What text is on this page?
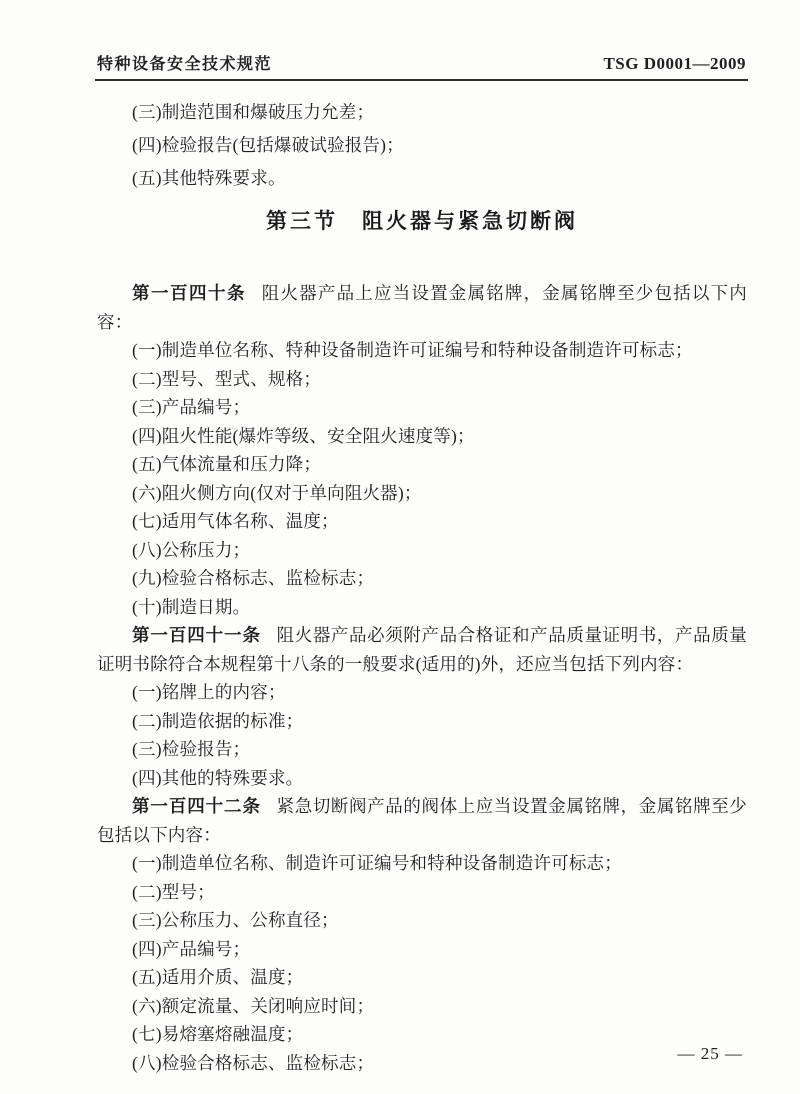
特种设备安全技术规范	TSG D0001—2009
(三)制造范围和爆破压力允差；
(四)检验报告(包括爆破试验报告)；
(五)其他特殊要求。
第三节　阻火器与紧急切断阀

第一百四十条 阻火器产品上应当设置金属铭牌，金属铭牌至少包括以下内容：

(一)制造单位名称、特种设备制造许可证编号和特种设备制造许可标志；
(二)型号、型式、规格；
(三)产品编号；
(四)阻火性能(爆炸等级、安全阻火速度等)；
(五)气体流量和压力降；
(六)阻火侧方向(仅对于单向阻火器)；
(七)适用气体名称、温度；
(八)公称压力；
(九)检验合格标志、监检标志；
(十)制造日期。

第一百四十一条 阻火器产品必须附产品合格证和产品质量证明书，产品质量证明书除符合本规程第十八条的一般要求(适用的)外，还应当包括下列内容：

(一)铭牌上的内容；
(二)制造依据的标准；
(三)检验报告；
(四)其他的特殊要求。

第一百四十二条 紧急切断阀产品的阀体上应当设置金属铭牌，金属铭牌至少包括以下内容：

(一)制造单位名称、制造许可证编号和特种设备制造许可标志；
(二)型号；
(三)公称压力、公称直径；
(四)产品编号；
(五)适用介质、温度；
(六)额定流量、关闭响应时间；
(七)易熔塞熔融温度；
(八)检验合格标志、监检标志；	— 25 —
